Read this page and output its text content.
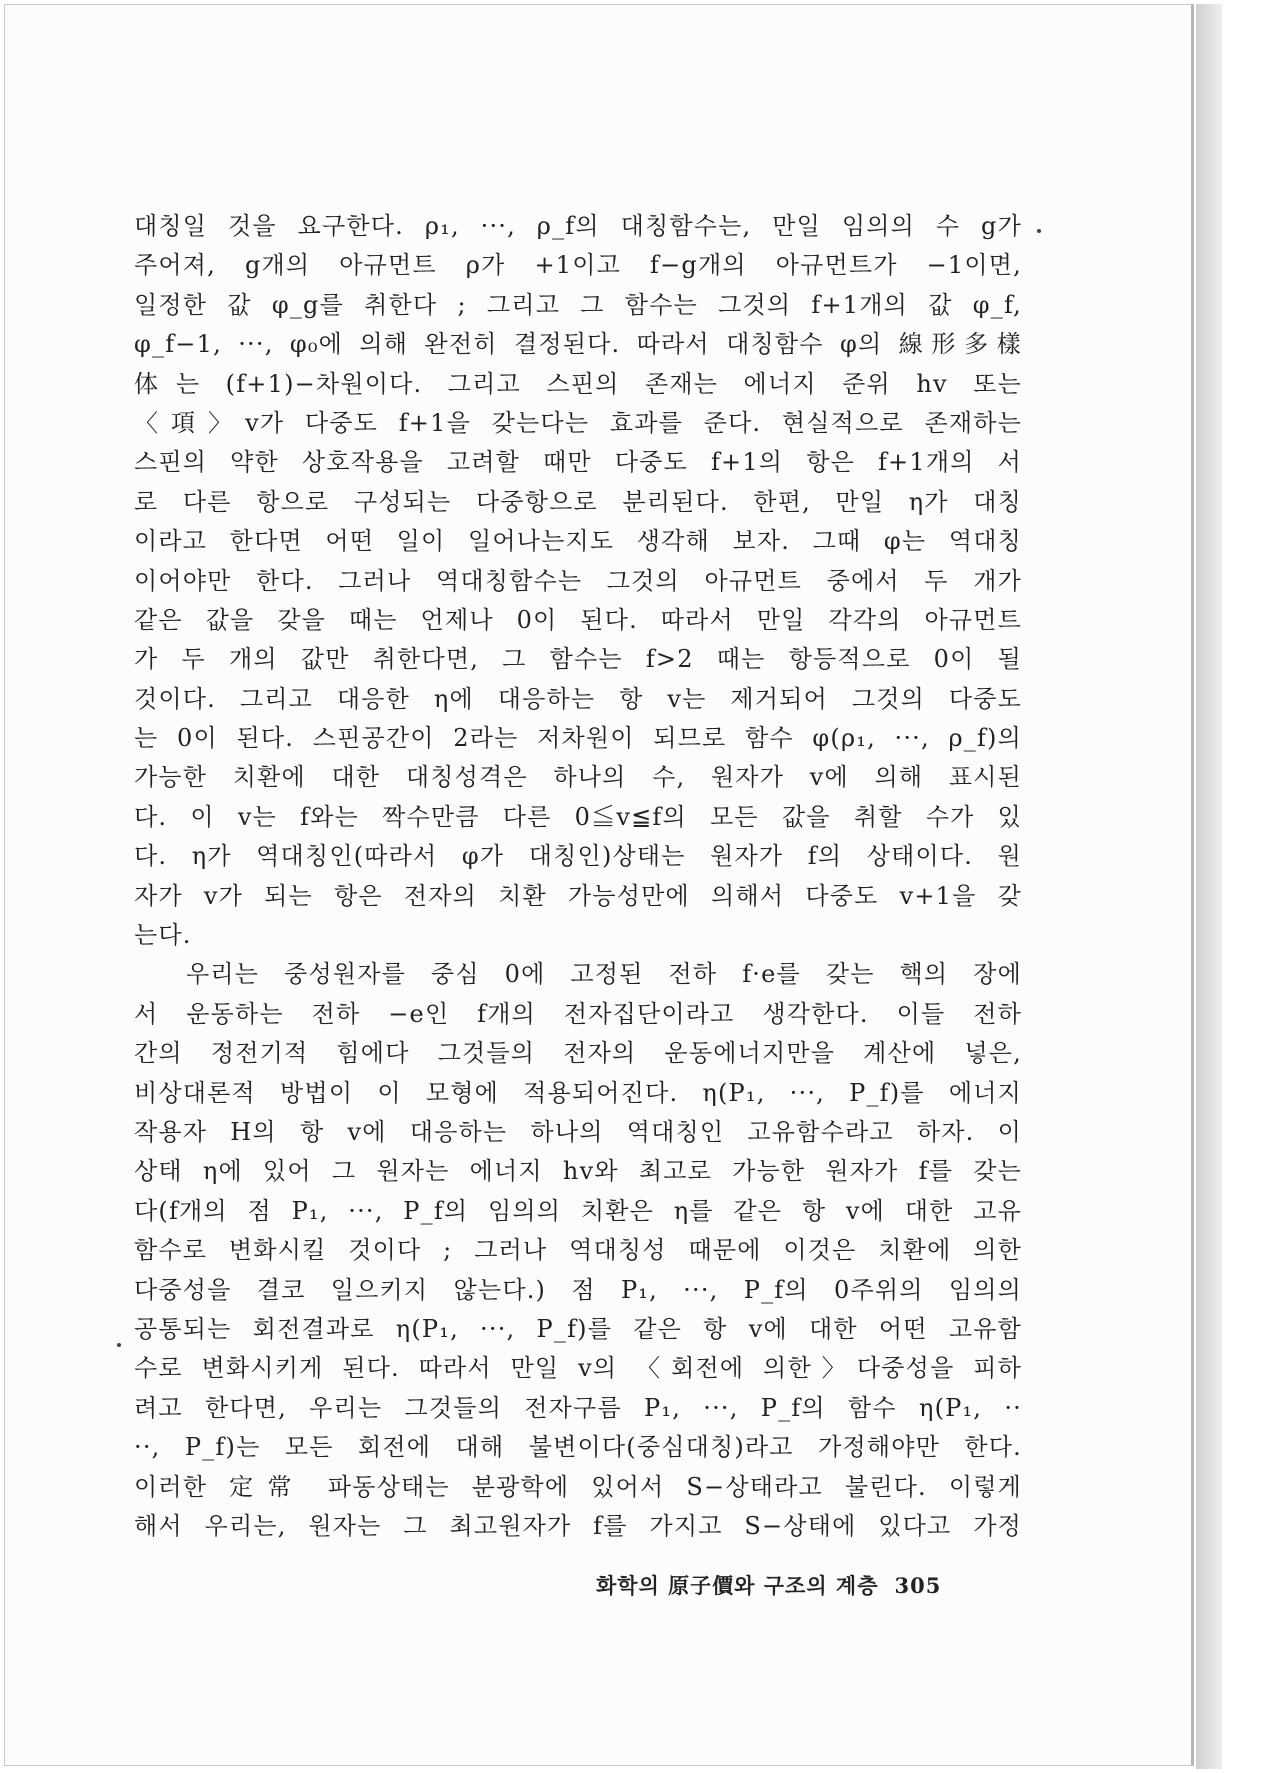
대칭일 것을 요구한다. ρ₁, ···, ρ_f의 대칭함수는, 만일 임의의 수 g가
주어져, g개의 아규먼트 ρ가 +1이고 f−g개의 아규먼트가 −1이면,
일정한 값 φ_g를 취한다 ; 그리고 그 함수는 그것의 f+1개의 값 φ_f,
φ_f−1, ···, φ₀에 의해 완전히 결정된다. 따라서 대칭함수 φ의 線形多樣
体는 (f+1)−차원이다. 그리고 스핀의 존재는 에너지 준위 hv 또는
〈項〉v가 다중도 f+1을 갖는다는 효과를 준다. 현실적으로 존재하는
스핀의 약한 상호작용을 고려할 때만 다중도 f+1의 항은 f+1개의 서
로 다른 항으로 구성되는 다중항으로 분리된다. 한편, 만일 η가 대칭
이라고 한다면 어떤 일이 일어나는지도 생각해 보자. 그때 φ는 역대칭
이어야만 한다. 그러나 역대칭함수는 그것의 아규먼트 중에서 두 개가
같은 값을 갖을 때는 언제나 0이 된다. 따라서 만일 각각의 아규먼트
가 두 개의 값만 취한다면, 그 함수는 f>2 때는 항등적으로 0이 될
것이다. 그리고 대응한 η에 대응하는 항 v는 제거되어 그것의 다중도
는 0이 된다. 스핀공간이 2라는 저차원이 되므로 함수 φ(ρ₁, ···, ρ_f)의
가능한 치환에 대한 대칭성격은 하나의 수, 원자가 v에 의해 표시된
다. 이 v는 f와는 짝수만큼 다른 0≦v≦f의 모든 값을 취할 수가 있
다. η가 역대칭인(따라서 φ가 대칭인)상태는 원자가 f의 상태이다. 원
자가 v가 되는 항은 전자의 치환 가능성만에 의해서 다중도 v+1을 갖
는다.
우리는 중성원자를 중심 0에 고정된 전하 f·e를 갖는 핵의 장에
서 운동하는 전하 −e인 f개의 전자집단이라고 생각한다. 이들 전하
간의 정전기적 힘에다 그것들의 전자의 운동에너지만을 계산에 넣은,
비상대론적 방법이 이 모형에 적용되어진다. η(P₁, ···, P_f)를 에너지
작용자 H의 항 v에 대응하는 하나의 역대칭인 고유함수라고 하자. 이
상태 η에 있어 그 원자는 에너지 hv와 최고로 가능한 원자가 f를 갖는
다(f개의 점 P₁, ···, P_f의 임의의 치환은 η를 같은 항 v에 대한 고유
함수로 변화시킬 것이다 ; 그러나 역대칭성 때문에 이것은 치환에 의한
다중성을 결코 일으키지 않는다.) 점 P₁, ···, P_f의 0주위의 임의의
공통되는 회전결과로 η(P₁, ···, P_f)를 같은 항 v에 대한 어떤 고유함
수로 변화시키게 된다. 따라서 만일 v의 〈회전에 의한〉다중성을 피하
려고 한다면, 우리는 그것들의 전자구름 P₁, ···, P_f의 함수 η(P₁, ··
··, P_f)는 모든 회전에 대해 불변이다(중심대칭)라고 가정해야만 한다.
이러한 定常 파동상태는 분광학에 있어서 S−상태라고 불린다. 이렇게
해서 우리는, 원자는 그 최고원자가 f를 가지고 S−상태에 있다고 가정
화학의 原子價와 구조의 계층 305
